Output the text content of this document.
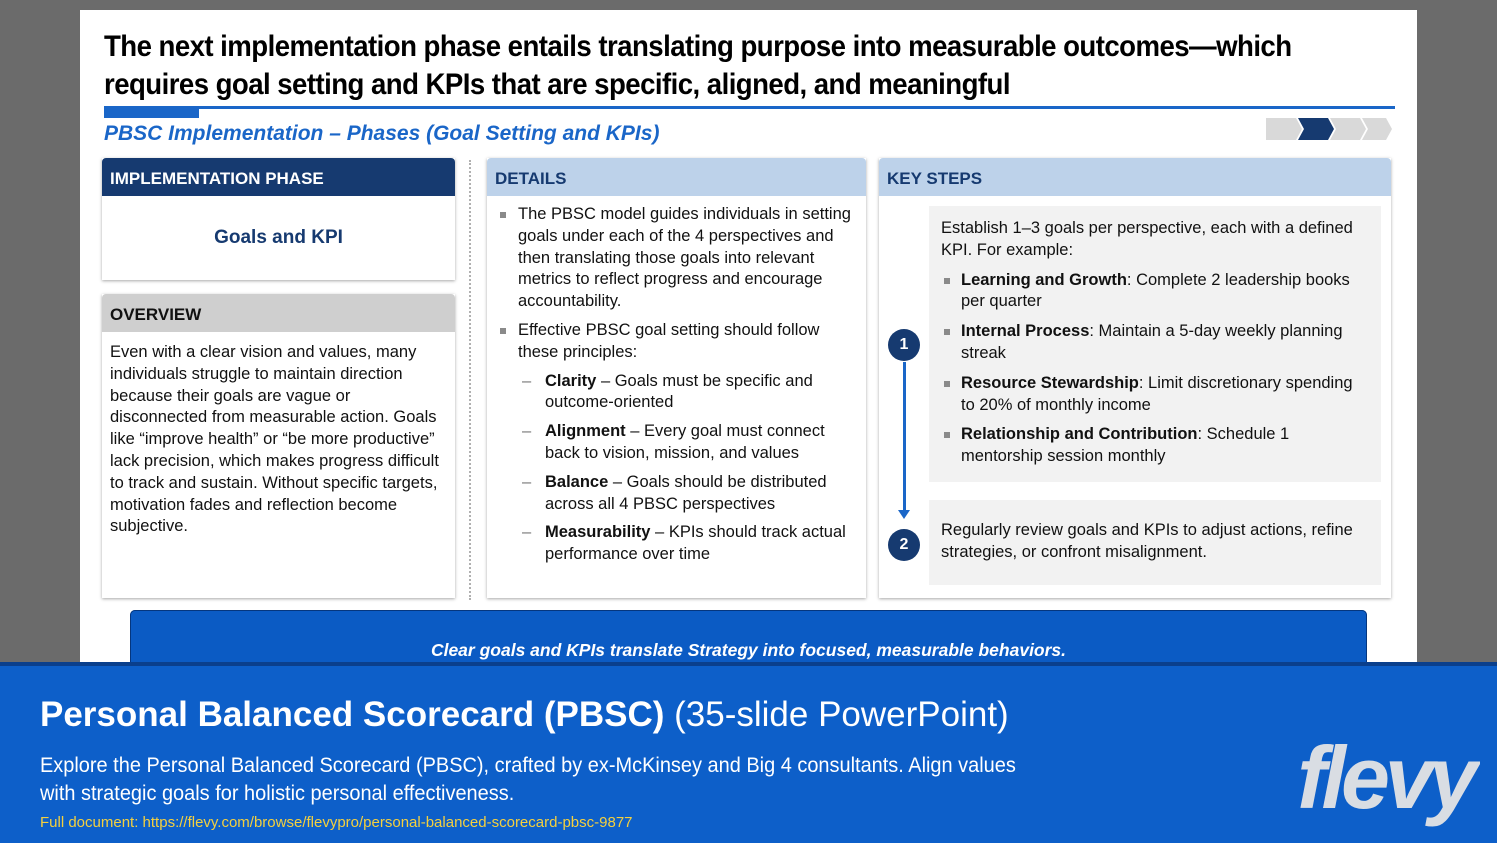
The next implementation phase entails translating purpose into measurable outcomes—which
requires goal setting and KPIs that are specific, aligned, and meaningful
PBSC Implementation – Phases (Goal Setting and KPIs)
IMPLEMENTATION PHASE
Goals and KPI
OVERVIEW
Even with a clear vision and values, many individuals struggle to maintain direction because their goals are vague or disconnected from measurable action. Goals like “improve health” or “be more productive” lack precision, which makes progress difficult to track and sustain. Without specific targets, motivation fades and reflection become subjective.
DETAILS
The PBSC model guides individuals in setting goals under each of the 4 perspectives and then translating those goals into relevant metrics to reflect progress and encourage accountability.
Effective PBSC goal setting should follow these principles:
– Clarity – Goals must be specific and outcome-oriented
– Alignment – Every goal must connect back to vision, mission, and values
– Balance – Goals should be distributed across all 4 PBSC perspectives
– Measurability – KPIs should track actual performance over time
KEY STEPS
1
2
Establish 1–3 goals per perspective, each with a defined KPI. For example:
Learning and Growth: Complete 2 leadership books per quarter
Internal Process: Maintain a 5-day weekly planning streak
Resource Stewardship: Limit discretionary spending to 20% of monthly income
Relationship and Contribution: Schedule 1 mentorship session monthly
Regularly review goals and KPIs to adjust actions, refine strategies, or confront misalignment.
Clear goals and KPIs translate Strategy into focused, measurable behaviors.
Personal Balanced Scorecard (PBSC) (35-slide PowerPoint)
Explore the Personal Balanced Scorecard (PBSC), crafted by ex-McKinsey and Big 4 consultants. Align values with strategic goals for holistic personal effectiveness.
Full document: https://flevy.com/browse/flevypro/personal-balanced-scorecard-pbsc-9877	flevy
